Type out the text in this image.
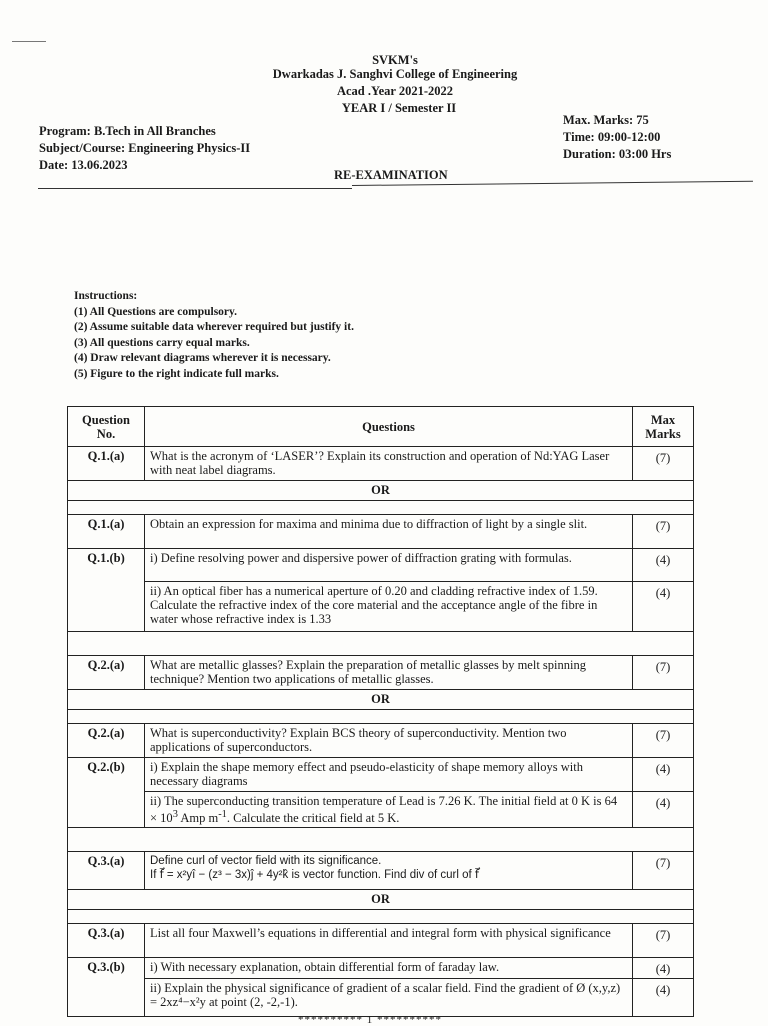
SVKM's
Dwarkadas J. Sanghvi College of Engineering
Acad .Year 2021-2022
YEAR I / Semester II
Program: B.Tech in All Branches
Subject/Course: Engineering Physics-II
Date: 13.06.2023
Max. Marks: 75
Time: 09:00-12:00
Duration: 03:00 Hrs
RE-EXAMINATION
Instructions:
(1) All Questions are compulsory.
(2) Assume suitable data wherever required but justify it.
(3) All questions carry equal marks.
(4) Draw relevant diagrams wherever it is necessary.
(5) Figure to the right indicate full marks.
Question
No.	Questions	Max
Marks
Q.1.(a)	What is the acronym of ‘LASER’? Explain its construction and operation of Nd:YAG Laser with neat label diagrams.	(7)
OR		

Q.1.(a)	Obtain an expression for maxima and minima due to diffraction of light by a single slit.	(7)
Q.1.(b)	i) Define resolving power and dispersive power of diffraction grating with formulas.	(4)
	ii) An optical fiber has a numerical aperture of 0.20 and cladding refractive index of 1.59. Calculate the refractive index of the core material and the acceptance angle of the fibre in water whose refractive index is 1.33	(4)

Q.2.(a)	What are metallic glasses? Explain the preparation of metallic glasses by melt spinning technique? Mention two applications of metallic glasses.	(7)
OR		

Q.2.(a)	What is superconductivity? Explain BCS theory of superconductivity. Mention two applications of superconductors.	(7)
Q.2.(b)	i) Explain the shape memory effect and pseudo-elasticity of shape memory alloys with necessary diagrams	(4)
	ii) The superconducting transition temperature of Lead is 7.26 K. The initial field at 0 K is $64 \times 10^3$ Amp $m^{-1}$. Calculate the critical field at 5 K.	(4)

Q.3.(a)	Define curl of vector field with its significance.
If f⃗ = x²yî − (z³ − 3x)ĵ + 4y²k̂ is vector function. Find div of curl of f⃗	(7)
OR		

Q.3.(a)	List all four Maxwell’s equations in differential and integral form with physical significance	(7)
Q.3.(b)	i) With necessary explanation, obtain differential form of faraday law.	(4)
	ii) Explain the physical significance of gradient of a scalar field. Find the gradient of Ø (x,y,z) = 2xz⁴−x²y at point (2, -2,-1).	(4)
********** 1 **********
